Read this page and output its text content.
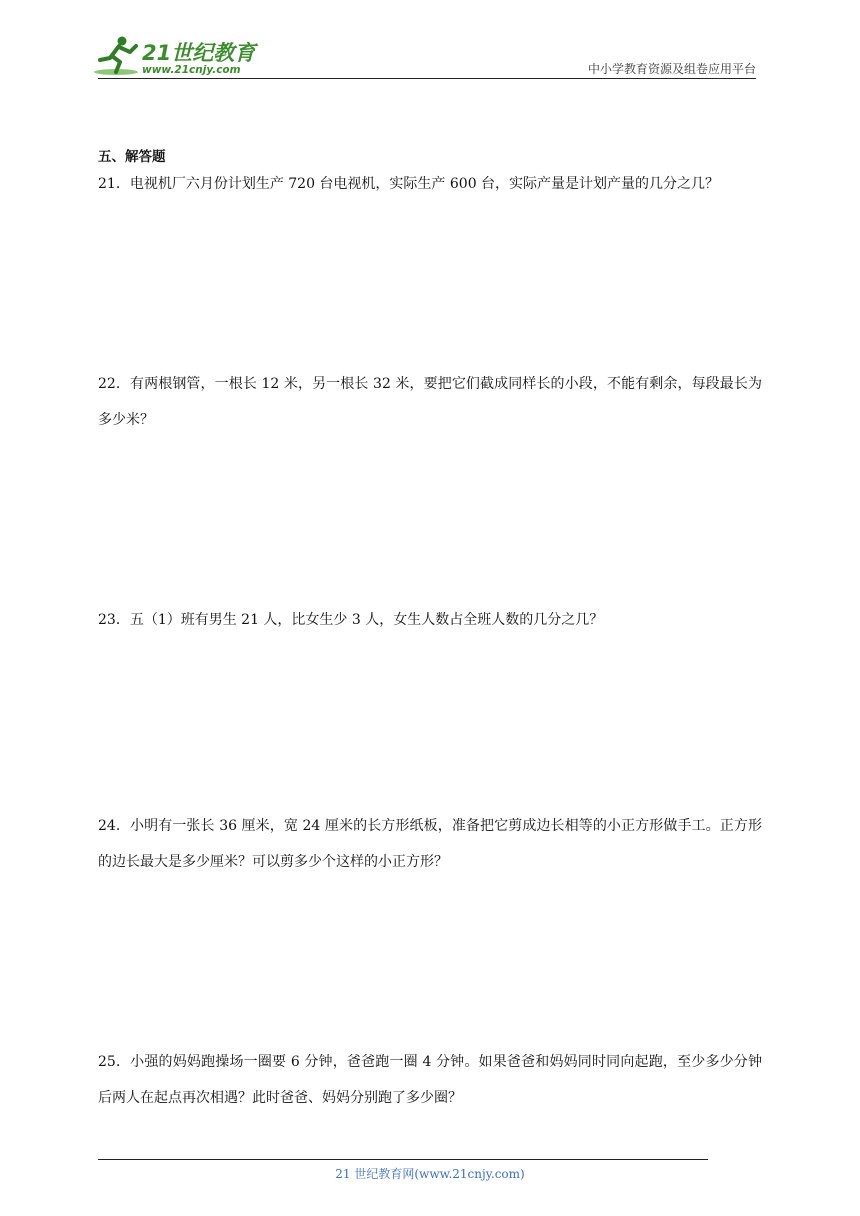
21世纪教育
www.21cnjy.com	中小学教育资源及组卷应用平台
五、解答题
21．电视机厂六月份计划生产 720 台电视机，实际生产 600 台，实际产量是计划产量的几分之几？
22．有两根钢管，一根长 12 米，另一根长 32 米，要把它们截成同样长的小段，不能有剩余，每段最长为多少米？
23．五（1）班有男生 21 人，比女生少 3 人，女生人数占全班人数的几分之几？
24．小明有一张长 36 厘米，宽 24 厘米的长方形纸板，准备把它剪成边长相等的小正方形做手工。正方形的边长最大是多少厘米？可以剪多少个这样的小正方形？
25．小强的妈妈跑操场一圈要 6 分钟，爸爸跑一圈 4 分钟。如果爸爸和妈妈同时同向起跑，至少多少分钟后两人在起点再次相遇？此时爸爸、妈妈分别跑了多少圈？
21 世纪教育网(www.21cnjy.com)
